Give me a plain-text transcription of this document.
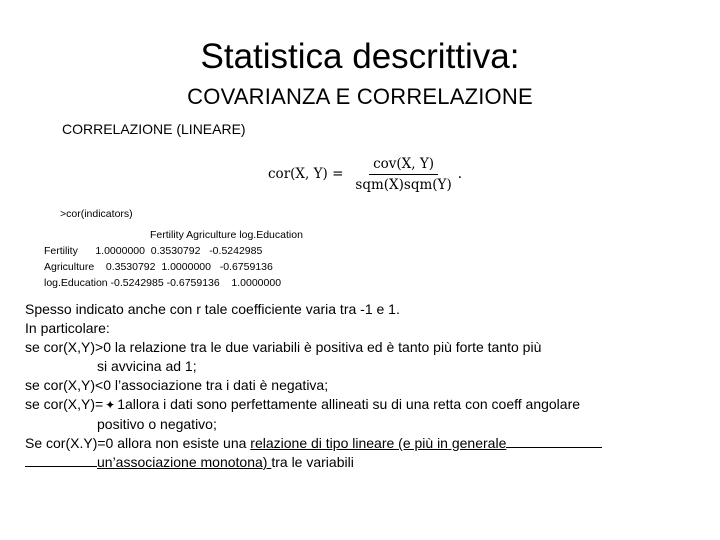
Statistica descrittiva:
COVARIANZA E CORRELAZIONE
CORRELAZIONE (LINEARE)
cor(X, $Y) = \frac{\text{cov(X, Y)}}{\text{sqm(X)sqm(Y)}}$ .
>cor(indicators)
Fertility Agriculture log.Education
Fertility      1.0000000  0.3530792   -0.5242985
Agriculture    0.3530792  1.0000000   -0.6759136
log.Education -0.5242985 -0.6759136    1.0000000
Spesso indicato anche con r tale coefficiente varia tra -1 e 1.
In particolare:
se cor(X,Y)>0 la relazione tra le due variabili è positiva ed è tanto più forte tanto più
si avvicina ad 1;
se cor(X,Y)<0 l’associazione tra i dati è negativa;
se cor(X,Y)= ✦ 1allora i dati sono perfettamente allineati su di una retta con coeff angolare
positivo o negativo;
Se cor(X.Y)=0 allora non esiste una relazione di tipo lineare (e più in generale
un’associazione monotona) tra le variabili
